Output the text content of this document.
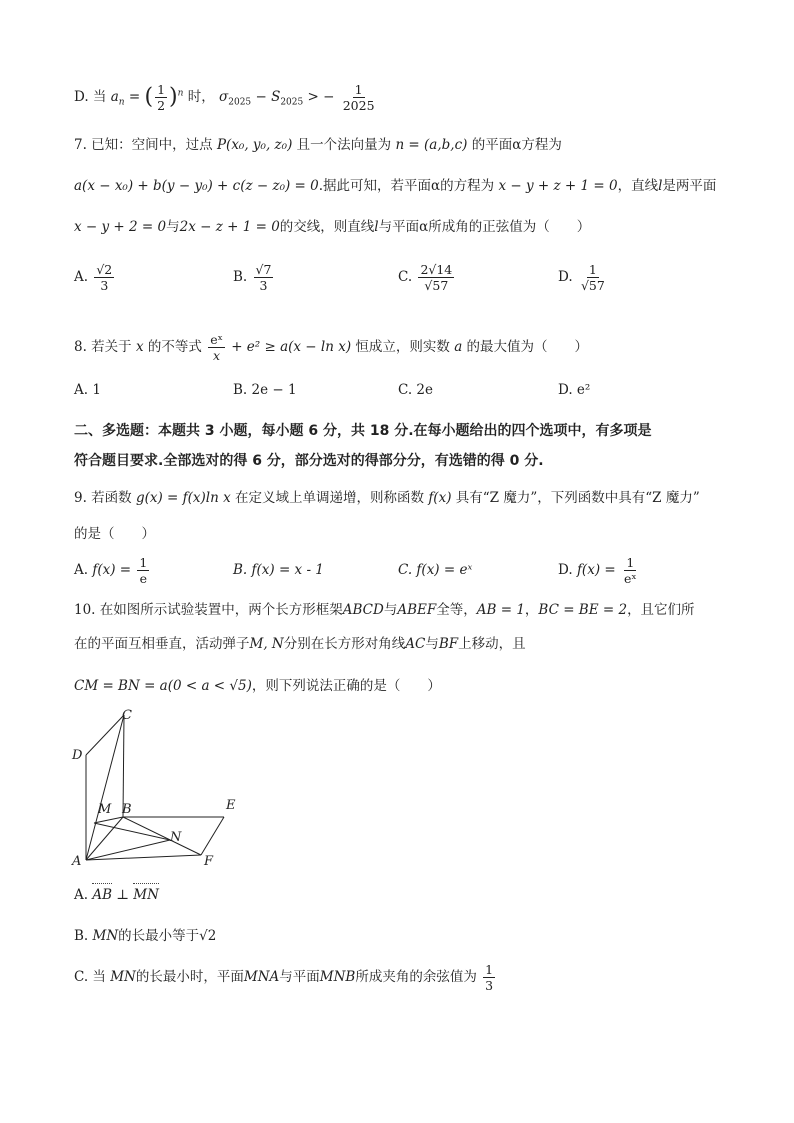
D. 当 $a_n$ = ( $\frac{1}{2} )^n$ 时， $\sigma_{2025} - S_{2025}$ > − $\frac{1}{2025}$
7. 已知：空间中，过点 P(x₀, y₀, z₀) 且一个法向量为 n = (a,b,c) 的平面α方程为
a(x − x₀) + b(y − y₀) + c(z − z₀) = 0.据此可知，若平面α的方程为 x − y + z + 1 = 0，直线l是两平面
x − y + 2 = 0与2x − z + 1 = 0的交线，则直线l与平面α所成角的正弦值为（　　）
A. $\frac{√2}{3}$	B. $\frac{√7}{3}$	C. $\frac{2√14}{√57}$	D. $\frac{1}{√57}$
8. 若关于 x 的不等式 $\frac{\text{eˣ}}{x} + e^2 \ge a(x - \ln x)$ 恒成立，则实数 a 的最大值为（　　）
A. 1	B. 2e − 1	C. 2e	D. e²
二、多选题：本题共 3 小题，每小题 6 分，共 18 分.在每小题给出的四个选项中，有多项是
符合题目要求.全部选对的得 6 分，部分选对的得部分分，有选错的得 0 分.
9. 若函数 g(x) = f(x)ln x 在定义域上单调递增，则称函数 f(x) 具有“Z 魔力”，下列函数中具有“Z 魔力”
的是（　　）
A. $f(x) = \frac{1}{e}$	B. f(x) = x - 1	C. f(x) = eˣ	D. $f(x) = \frac{1}{\text{eˣ}}$
10. 在如图所示试验装置中，两个长方形框架ABCD与ABEF全等，AB = 1，BC = BE = 2，且它们所
在的平面互相垂直，活动弹子M, N分别在长方形对角线AC与BF上移动，且
CM = BN = a(0 < a < √5)，则下列说法正确的是（　　）
C
D
M B	E
N
A	F
A. AB ⊥ MN
B. MN的长最小等于√2
C. 当 MN的长最小时，平面MNA与平面MNB所成夹角的余弦值为 $\frac{1}{3}$
